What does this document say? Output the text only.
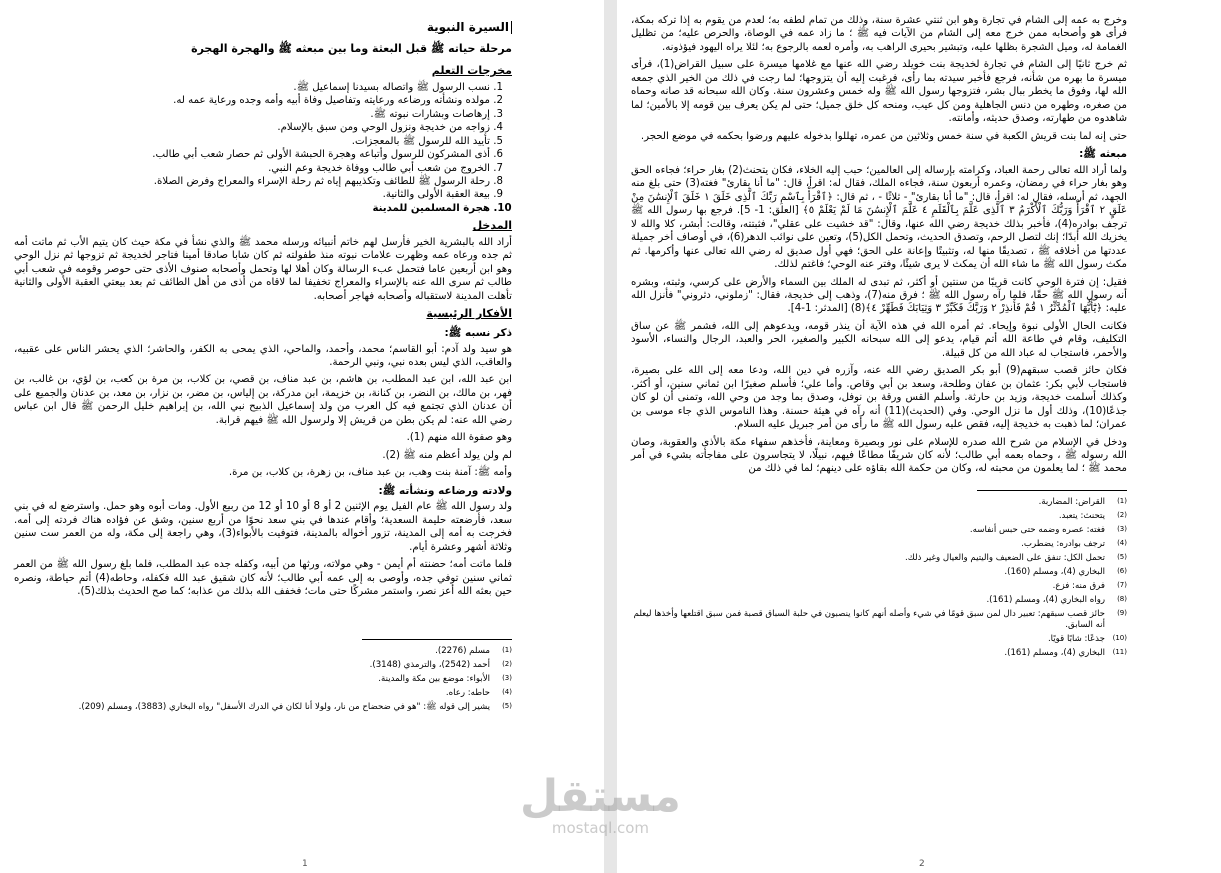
السيرة النبوية
مرحلة حياته ﷺ قبل البعثة وما بين مبعثه ﷺ والهجرة الهجرة
مخرجات التعلم
1. نسب الرسول ﷺ واتصاله بسيدنا إسماعيل ﷺ.
2. مولده ونشأته ورضاعه ورعايته وتفاصيل وفاة أبيه وأمه وجده ورعاية عمه له.
3. إرهاصات وبشارات نبوته ﷺ.
4. زواجه من خديجة ونزول الوحي ومن سبق بالإسلام.
5. تأييد الله للرسول ﷺ بالمعجزات.
6. أذى المشركون للرسول وأتباعه وهجرة الحبشة الأولى ثم حصار شعب أبي طالب.
7. الخروج من شعب أبي طالب ووفاة خديجة وعم النبي.
8. رحلة الرسول ﷺ للطائف وتكذيبهم إياه ثم رحلة الإسراء والمعراج وفرض الصلاة.
9. بيعة العقبة الأولى والثانية.
10. هجرة المسلمين للمدينة
المدخل

أراد الله بالبشرية الخير فأرسل لهم خاتم أنبيائه ورسله محمد ﷺ والذي نشأ في مكة حيث كان يتيم الأب ثم ماتت أمه ثم جده ورعاه عمه وظهرت علامات نبوته منذ طفولته ثم كان شابا صادقا أمينا فتاجر لخديجة ثم تزوجها ثم نزل الوحي وهو ابن أربعين عاما فتحمل عبء الرسالة وكان أهلا لها وتحمل وأصحابه صنوف الأذى حتى حوصر وقومه في شعب أبي طالب ثم سرى الله عنه بالإسراء والمعراج تخفيفا لما لاقاه من أذى من أهل الطائف ثم بعد بيعتي العقبة الأولى والثانية تأهلت المدينة لاستقباله وأصحابه فهاجر أصحابه.

الأفكار الرئيسية
ذكر نسبه ﷺ:

هو سيد ولد آدم: أبو القاسم؛ محمد، وأحمد، والماحي، الذي يمحى به الكفر، والحاشر؛ الذي يحشر الناس على عقبيه، والعاقب، الذي ليس بعده نبي، ونبي الرحمة.

ابن عبد الله، ابن عبد المطلب، بن هاشم، بن عبد مناف، بن قصي، بن كلاب، بن مرة بن كعب، بن لؤي، بن غالب، بن فهر، بن مالك، بن النضر، بن كنانة، بن خزيمة، ابن مدركة، بن إلياس، بن مضر، بن نزار، بن معد، بن عدنان والجميع على أن عدنان الذي تجتمع فيه كل العرب من ولد إسماعيل الذبيح نبي الله، بن إبراهيم خليل الرحمن ﷺ قال ابن عباس رضي الله عنه: لم يكن بطن من قريش إلا ولرسول الله ﷺ فيهم قرابة.

وهو صفوة الله منهم (1).

لم ولن يولد أعظم منه ﷺ (2).

وأمه ﷺ: آمنة بنت وهب، بن عبد مناف، بن زهرة، بن كلاب، بن مرة.

ولادته ورضاعه ونشأته ﷺ:

ولد رسول الله ﷺ عام الفيل يوم الإثنين 2 أو 8 أو 10 أو 12 من ربيع الأول. ومات أبوه وهو حمل. واسترضع له في بني سعد، فأرضعته حليمة السعدية؛ وأقام عندها في بني سعد نحوًا من أربع سنين، وشق عن فؤاده هناك فردته إلى أمه. فخرجت به أمه إلى المدينة، تزور أخواله بالمدينة، فتوفيت بالأبواء(3)، وهي راجعة إلى مكة، وله من العمر ست سنين وثلاثة أشهر وعشرة أيام.

فلما ماتت أمه؛ حضنته أم أيمن - وهي مولاته، ورثها من أبيه، وكفله جده عبد المطلب، فلما بلغ رسول الله ﷺ من العمر ثماني سنين توفي جده، وأوصى به إلى عمه أبي طالب؛ لأنه كان شقيق عبد الله فكفله، وحاطه(4) أتم حياطة، ونصره حين بعثه الله أعز نصر، واستمر مشركًا حتى مات؛ فخفف الله بذلك من عذابه؛ كما صح الحديث بذلك(5).

(1)
مسلم (2276).
(2)
أحمد (2542)، والترمذي (3148).
(3)
الأبواء: موضع بين مكة والمدينة.
(4)
حاطه: رعاه.
(5)
يشير إلى قوله ﷺ: "هو في ضحضاح من نار، ولولا أنا لكان في الدرك الأسفل" رواه البخاري (3883)، ومسلم (209).
1

وخرج به عمه إلى الشام في تجارة وهو ابن ثنتي عشرة سنة، وذلك من تمام لطفه به؛ لعدم من يقوم به إذا تركه بمكة، فرأى هو وأصحابه ممن خرج معه إلى الشام من الآيات فيه ﷺ ؛ ما زاد عمه في الوصاة، والحرص عليه؛ من تظليل الغمامة له، وميل الشجرة بظلها عليه، وتبشير بحيرى الراهب به، وأمره لعمه بالرجوع به؛ لئلا يراه اليهود فيؤذونه.

ثم خرج ثانيًا إلى الشام في تجارة لخديجة بنت خويلد رضي الله عنها مع غلامها ميسرة على سبيل القراض(1)، فرأى ميسرة ما بهره من شأنه، فرجع فأخبر سيدته بما رأى، فرغبت إليه أن يتزوجها؛ لما رجت في ذلك من الخير الذي جمعه الله لها، وفوق ما يخطر ببال بشر، فتزوجها رسول الله ﷺ وله خمس وعشرون سنة. وكان الله سبحانه قد صانه وحماه من صغره، وطهره من دنس الجاهلية ومن كل عيب، ومنحه كل خلق جميل؛ حتى لم يكن يعرف بين قومه إلا بالأمين؛ لما شاهدوه من طهارته، وصدق حديثه، وأمانته.

حتى إنه لما بنت قريش الكعبة في سنة خمس وثلاثين من عمره، تهللوا بدخوله عليهم ورضوا بحكمه في موضع الحجر.

مبعثه ﷺ:

ولما أراد الله تعالى رحمة العباد، وكرامته بإرساله إلى العالمين؛ حبب إليه الخلاء، فكان يتحنث(2) بغار حراء؛ فجاءه الحق وهو بغار حراء في رمضان، وعمره أربعون سنة، فجاءه الملك، فقال له: اقرأ، قال: "ما أنا بقارئ" فغته(3) حتى بلغ منه الجهد، ثم أرسله، فقال له: اقرأ، قال: "ما أنا بقارئ" - ثلاثًا - ، ثم قال: ﴿ٱقْرَأْ بِٱسْمِ رَبِّكَ ٱلَّذِى خَلَقَ ١ خَلَقَ ٱلْإِنسَٰنَ مِنْ عَلَقٍ ٢ ٱقْرَأْ وَرَبُّكَ ٱلْأَكْرَمُ ٣ ٱلَّذِى عَلَّمَ بِٱلْقَلَمِ ٤ عَلَّمَ ٱلْإِنسَٰنَ مَا لَمْ يَعْلَمْ ٥﴾ [العلق: 1- 5]. فرجع بها رسول الله ﷺ ترجف بوادره(4)، فأخبر بذلك خديجة رضي الله عنها، وقال: "قد خشيت على عقلي"، فثبتته، وقالت: أبشر، كلا والله لا يخزيك الله أبدًا؛ إنك لتصل الرحم، وتصدق الحديث، وتحمل الكل(5)، وتعين على نوائب الدهر(6)، في أوصاف أخر جميلة عددتها من أخلاقه ﷺ ، تصديقًا منها له، وتثبيتًا وإعانة على الحق؛ فهي أول صديق له رضي الله تعالى عنها وأكرمها. ثم مكث رسول الله ﷺ ما شاء الله أن يمكث لا يرى شيئًا، وفتر عنه الوحي؛ فاغتم لذلك.

فقيل: إن فترة الوحي كانت قريبًا من سنتين أو أكثر، ثم تبدى له الملك بين السماء والأرض على كرسي، وثبته، وبشره أنه رسول الله ﷺ حقًا، فلما رآه رسول الله ﷺ ؛ فرق منه(7)، وذهب إلى خديجة، فقال: "زملوني، دثروني" فأنزل الله عليه: ﴿يَٰٓأَيُّهَا ٱلْمُدَّثِّرُ ١ قُمْ فَأَنذِرْ ٢ وَرَبَّكَ فَكَبِّرْ ٣ وَثِيَابَكَ فَطَهِّرْ ٤﴾(8) [المدثر: 1-4].

فكانت الحال الأولى نبوة وإيحاء. ثم أمره الله في هذه الآية أن ينذر قومه، ويدعوهم إلى الله، فشمر ﷺ عن ساق التكليف، وقام في طاعة الله أتم قيام، يدعو إلى الله سبحانه الكبير والصغير، الحر والعبد، الرجال والنساء، الأسود والأحمر، فاستجاب له عباد الله من كل قبيلة.

فكان حائز قصب سبقهم(9) أبو بكر الصديق رضي الله عنه، وآزره في دين الله، ودعا معه إلى الله على بصيرة، فاستجاب لأبي بكر: عثمان بن عفان وطلحة، وسعد بن أبي وقاص. وأما علي؛ فأسلم صغيرًا ابن ثماني سنين، أو أكثر. وكذلك أسلمت خديجة، وزيد بن حارثة. وأسلم القس ورقة بن نوفل، وصدق بما وجد من وحي الله، وتمنى أن لو كان جذعًا(10)، وذلك أول ما نزل الوحي. وفي (الحديث)(11) أنه رآه في هيئة حسنة. وهذا الناموس الذي جاء موسى بن عمران؛ لما ذهبت به خديجة إليه، فقص عليه رسول الله ﷺ ما رأى من أمر جبريل عليه السلام.

ودخل في الإسلام من شرح الله صدره للإسلام على نور وبصيرة ومعاينة، فأخذهم سفهاء مكة بالأذى والعقوبة، وصان الله رسوله ﷺ ، وحماه بعمه أبي طالب؛ لأنه كان شريفًا مطاعًا فيهم، نبيلًا، لا يتجاسرون على مفاجأته بشيء في أمر محمد ﷺ ؛ لما يعلمون من محبته له، وكان من حكمة الله بقاؤه على دينهم؛ لما في ذلك من

(1)
القراض: المضاربة.
(2)
يتحنث: يتعبد.
(3)
فغته: عصره وضمه حتى حبس أنفاسه.
(4)
ترجف بوادره: يضطرب.
(5)
تحمل الكل: تنفق على الضعيف واليتيم والعيال وغير ذلك.
(6)
البخاري (4)، ومسلم (160).
(7)
فرق منه: فزع.
(8)
رواه البخاري (4)، ومسلم (161).
(9)
حائز قصب سبقهم: تعبير دال لمن سبق قومًا في شيء وأصله أنهم كانوا ينصبون في حلبة السباق قصبة فمن سبق اقتلعها وأخذها ليعلم أنه السابق.
(10)
جذعًا: شابًا قويًا.
(11)
البخاري (4)، ومسلم (161).
2
مستقل
mostaql.com
